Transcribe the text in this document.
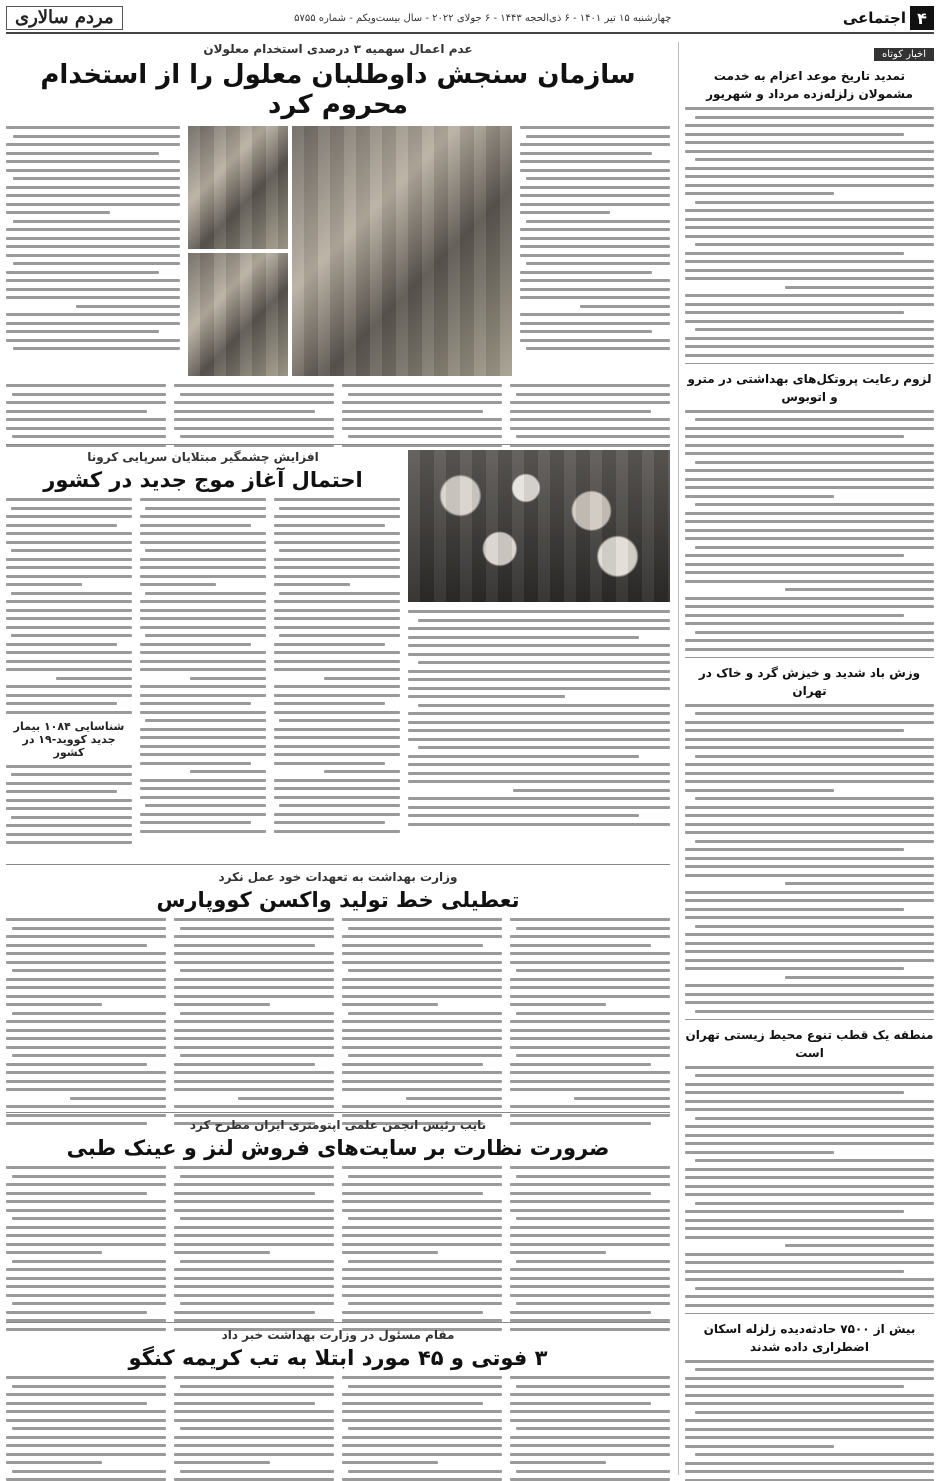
۴
اجتماعی
چهارشنبه ۱۵ تیر ۱۴۰۱ - ۶ ذی‌الحجه ۱۴۴۳ - ۶ جولای ۲۰۲۲ - سال بیست‌ویکم - شماره ۵۷۵۵
مردم سالاری
اخبار کوتاه
تمدید تاریخ موعد اعزام به خدمت مشمولان زلزله‌زده مرداد و شهریور
لزوم رعایت پروتکل‌های بهداشتی در مترو و اتوبوس
وزش باد شدید و خیزش گرد و خاک در تهران
منطقه یک قطب تنوع محیط زیستی تهران است
بیش از ۷۵۰۰ حادثه‌دیده زلزله اسکان اضطراری داده شدند
عدم اعمال سهمیه ۳ درصدی استخدام معلولان
سازمان سنجش داوطلبان معلول را از استخدام محروم کرد
افزایش چشمگیر مبتلایان سرپایی کرونا
احتمال آغاز موج جدید در کشور
شناسایی ۱۰۸۴ بیمار جدید کووید-۱۹ در کشور
وزارت بهداشت به تعهدات خود عمل نکرد
تعطیلی خط تولید واکسن کووپارس
نایب رئیس انجمن علمی اپتومتری ایران مطرح کرد
ضرورت نظارت بر سایت‌های فروش لنز و عینک طبی
مقام مسئول در وزارت بهداشت خبر داد
۳ فوتی و ۴۵ مورد ابتلا به تب کریمه کنگو
